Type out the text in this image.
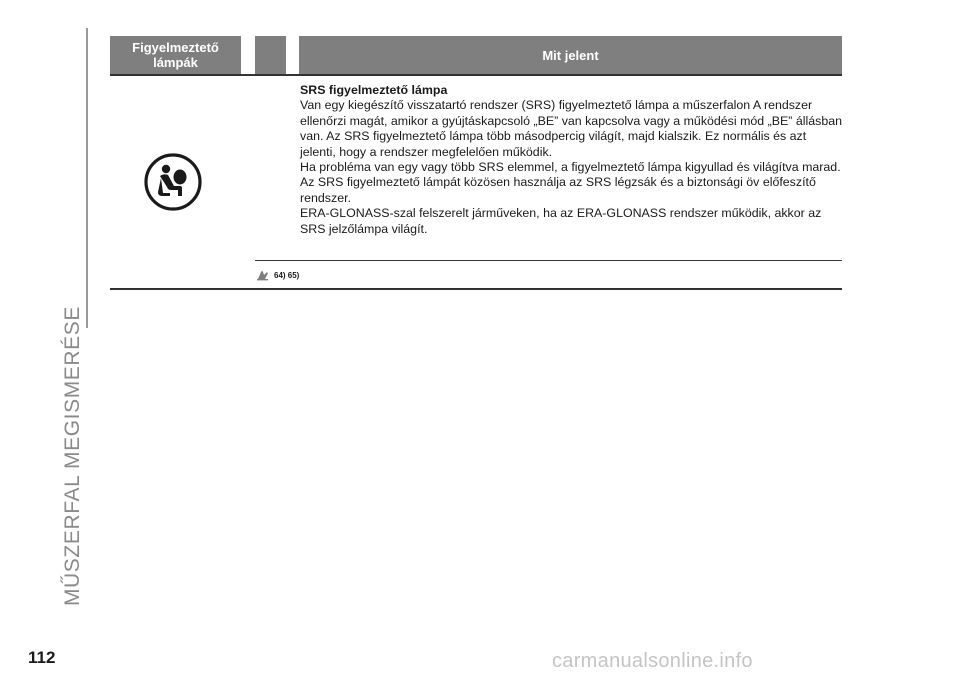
MŰSZERFAL MEGISMERÉSE
Figyelmeztető
lámpák	Mit jelent

SRS figyelmeztető lámpa

Van egy kiegészítő visszatartó rendszer (SRS) figyelmeztető lámpa a műszerfalon A rendszer ellenőrzi magát, amikor a gyújtáskapcsoló „BE” van kapcsolva vagy a működési mód „BE” állásban van. Az SRS figyelmeztető lámpa több másodpercig világít, majd kialszik. Ez normális és azt jelenti, hogy a rendszer megfelelően működik.

Ha probléma van egy vagy több SRS elemmel, a figyelmeztető lámpa kigyullad és világítva marad.

Az SRS figyelmeztető lámpát közösen használja az SRS légzsák és a biztonsági öv előfeszítő rendszer.

ERA-GLONASS-szal felszerelt járműveken, ha az ERA-GLONASS rendszer működik, akkor az SRS jelzőlámpa világít.

64) 65)
112	carmanualsonline.info
